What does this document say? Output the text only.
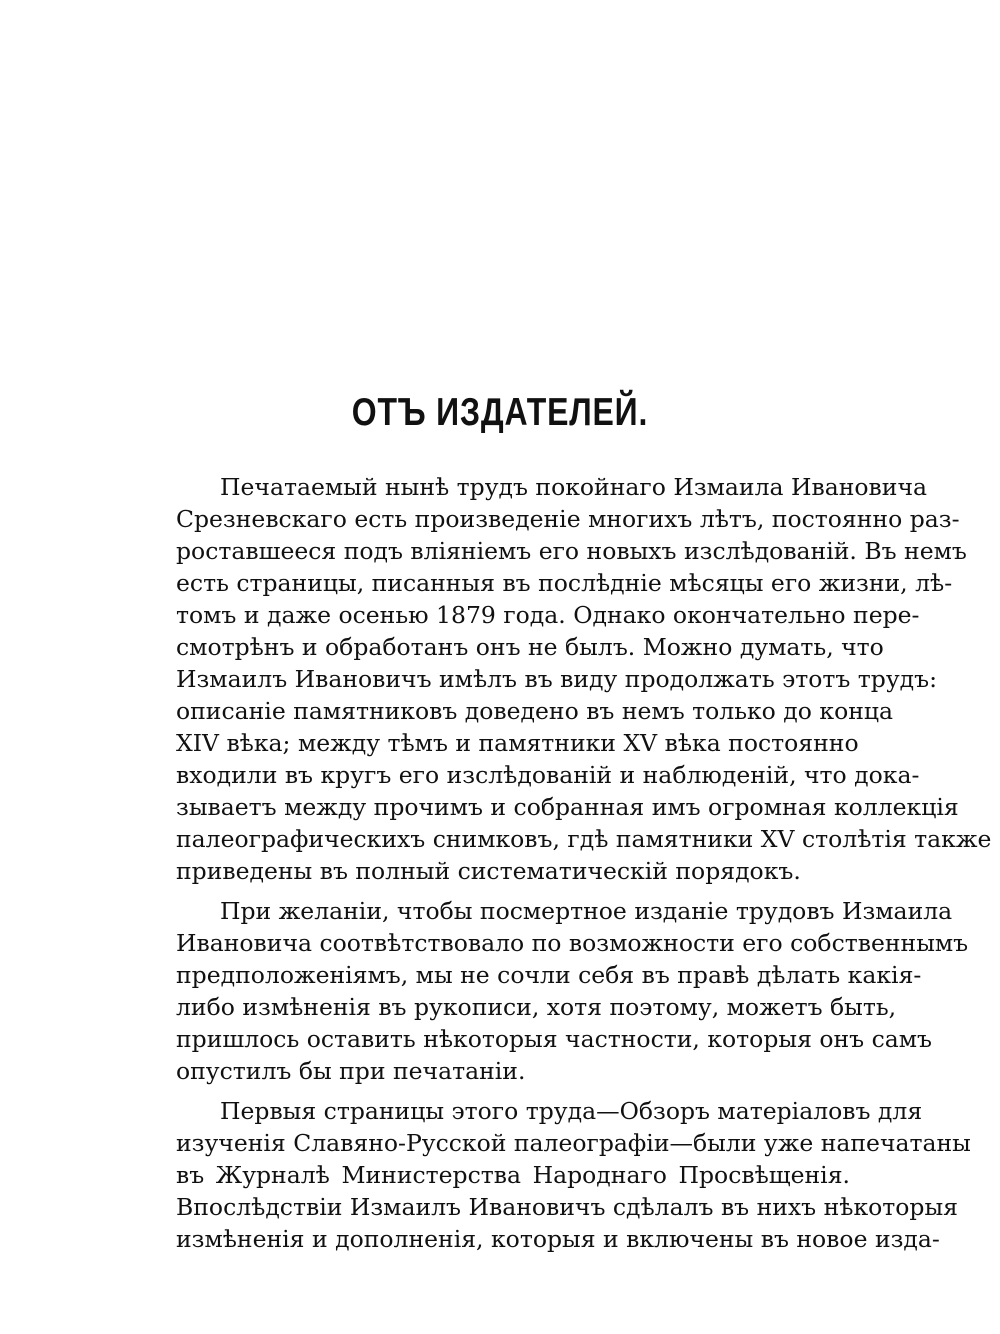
ОТЪ ИЗДАТЕЛЕЙ.
Печатаемый нынѣ трудъ покойнаго Измаила Ивановича
Срезневскаго есть произведеніе многихъ лѣтъ, постоянно раз-
роставшееся подъ вліяніемъ его новыхъ изслѣдованій. Въ немъ
есть страницы, писанныя въ послѣдніе мѣсяцы его жизни, лѣ-
томъ и даже осенью 1879 года. Однако окончательно пере-
смотрѣнъ и обработанъ онъ не былъ. Можно думать, что
Измаилъ Ивановичъ имѣлъ въ виду продолжать этотъ трудъ:
описаніе памятниковъ доведено въ немъ только до конца
XIV вѣка; между тѣмъ и памятники XV вѣка постоянно
входили въ кругъ его изслѣдованій и наблюденій, что дока-
зываетъ между прочимъ и собранная имъ огромная коллекція
палеографическихъ снимковъ, гдѣ памятники XV столѣтія также
приведены въ полный систематическій порядокъ.
При желаніи, чтобы посмертное изданіе трудовъ Измаила
Ивановича соотвѣтствовало по возможности его собственнымъ
предположеніямъ, мы не сочли себя въ правѣ дѣлать какія-
либо измѣненія въ рукописи, хотя поэтому, можетъ быть,
пришлось оставить нѣкоторыя частности, которыя онъ самъ
опустилъ бы при печатаніи.
Первыя страницы этого труда—Обзоръ матеріаловъ для
изученія Славяно-Русской палеографіи—были уже напечатаны
въ Журналѣ Министерства Народнаго Просвѣщенія.
Впослѣдствіи Измаилъ Ивановичъ сдѣлалъ въ нихъ нѣкоторыя
измѣненія и дополненія, которыя и включены въ новое изда-
